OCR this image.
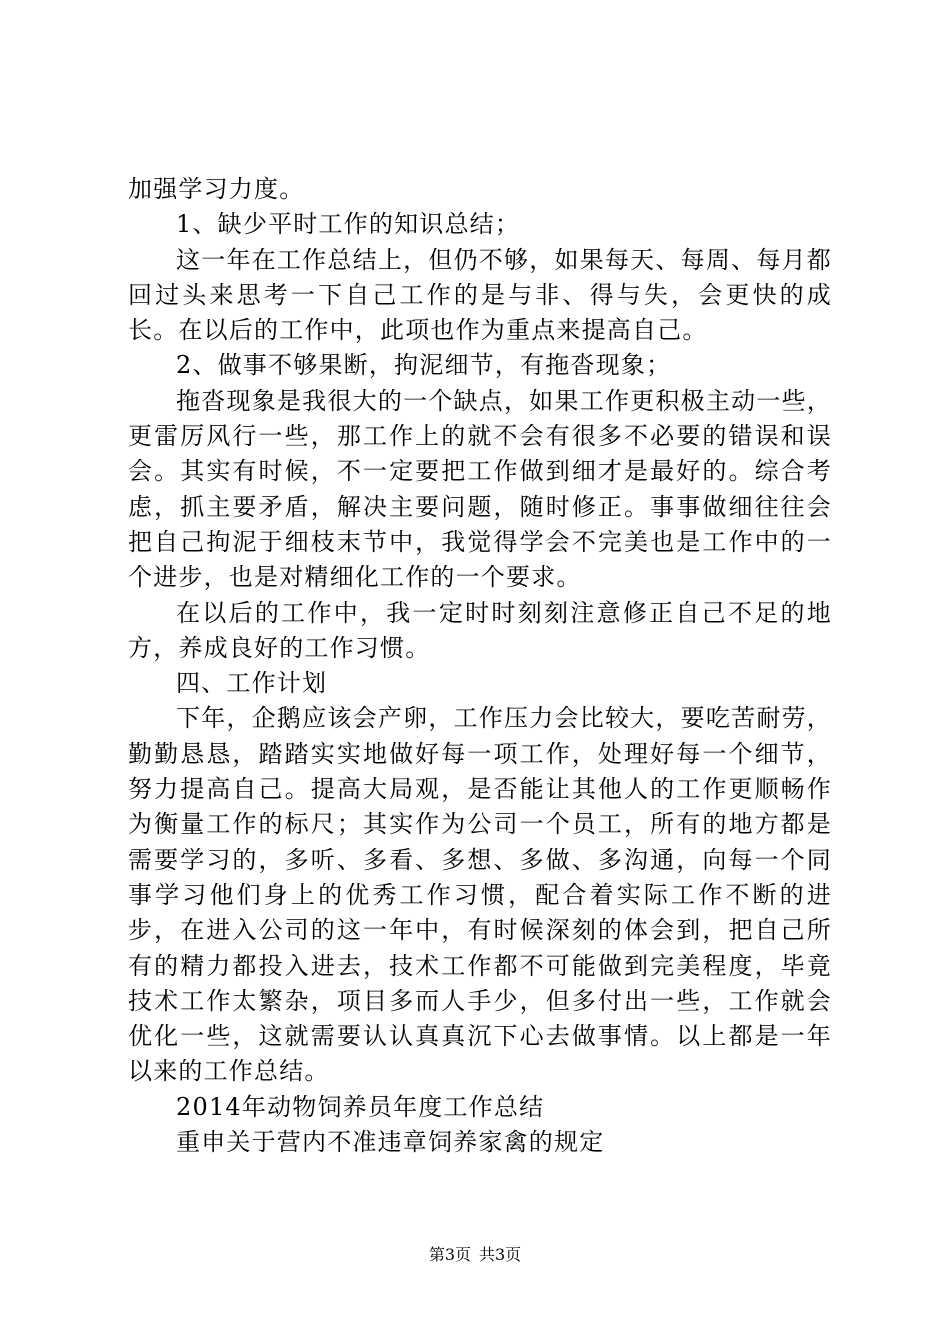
加强学习力度。

1、缺少平时工作的知识总结；

这一年在工作总结上，但仍不够，如果每天、每周、每月都回过头来思考一下自己工作的是与非、得与失，会更快的成长。在以后的工作中，此项也作为重点来提高自己。

2、做事不够果断，拘泥细节，有拖沓现象；

拖沓现象是我很大的一个缺点，如果工作更积极主动一些，更雷厉风行一些，那工作上的就不会有很多不必要的错误和误会。其实有时候，不一定要把工作做到细才是最好的。综合考虑，抓主要矛盾，解决主要问题，随时修正。事事做细往往会把自己拘泥于细枝末节中，我觉得学会不完美也是工作中的一个进步，也是对精细化工作的一个要求。

在以后的工作中，我一定时时刻刻注意修正自己不足的地方，养成良好的工作习惯。

四、工作计划

下年，企鹅应该会产卵，工作压力会比较大，要吃苦耐劳，勤勤恳恳，踏踏实实地做好每一项工作，处理好每一个细节，努力提高自己。提高大局观，是否能让其他人的工作更顺畅作为衡量工作的标尺；其实作为公司一个员工，所有的地方都是需要学习的，多听、多看、多想、多做、多沟通，向每一个同事学习他们身上的优秀工作习惯，配合着实际工作不断的进步，在进入公司的这一年中，有时候深刻的体会到，把自己所有的精力都投入进去，技术工作都不可能做到完美程度，毕竟技术工作太繁杂，项目多而人手少，但多付出一些，工作就会优化一些，这就需要认认真真沉下心去做事情。以上都是一年以来的工作总结。

2014年动物饲养员年度工作总结

重申关于营内不准违章饲养家禽的规定

第3页 共3页
